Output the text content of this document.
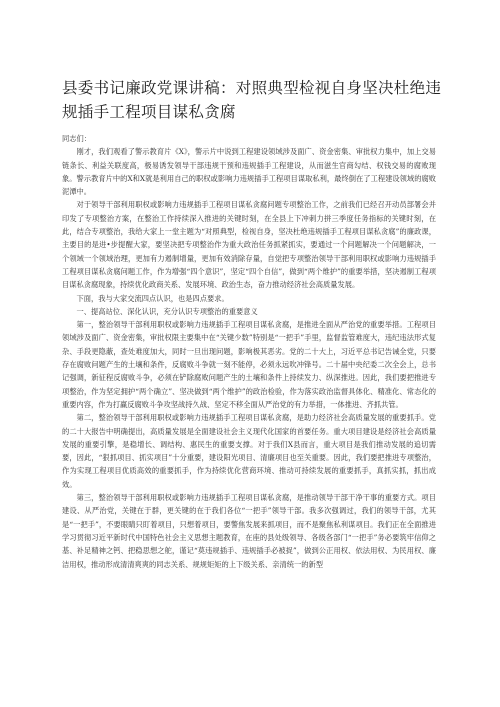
县委书记廉政党课讲稿：对照典型检视自身坚决杜绝违规插手工程项目谋私贪腐

同志们：

刚才，我们观看了警示教育片《X》，警示片中说到工程建设领域涉及面广、资金密集、审批权力集中，加上交易链条长、利益关联度高，极易诱发领导干部违规干预和违规插手工程建设，从而滋生官商勾结、权钱交易的腐败现象。警示教育片中的X和X就是利用自己的职权或影响力违规插手工程项目谋取私利，最终倒在了工程建设领域的腐败泥潭中。

对于领导干部利用职权或影响力违规插手工程项目谋私贪腐问题专项整治工作，之前我们已经召开动员部署会并印发了专项整治方案，在整治工作持续深入推进的关键时刻，在全县上下冲刺力拼三季度任务指标的关键时刻，在此，结合专项整治，我给大家上一堂主题为“对照典型，检视自身，坚决杜绝违规插手工程项目谋私贪腐”的廉政课，主要目的是进•步提醒大家，要坚决把专项整治作为重大政治任务抓紧抓实，要通过一个问题解决一个问题解决，一个领域一个领域治理，更加有力遏制增量，更加有效消除存量，自觉把专项整治领导干部利用职权或影响力违规插手工程项目谋私贪腐问题工作，作为增强“四个意识”，坚定“四个自信”，做到“两个维护”的重要举措，坚决遏制工程项目谋私贪腐现象，持续优化政商关系、发展环境、政治生态，奋力推动经济社会高质量发展。

下面，我与大家交流四点认识，也是四点要求。

一、提高站位、深化认识，充分认识专项整治的重要意义

第一，整治领导干部利用职权或影响力违规插手工程项目谋私贪腐，是推进全面从严治党的重要举措。工程项目领域涉及面广、资金密集，审批权限主要集中在“关键少数”特别是“一把手”手里，监督监管难度大，违纪违法形式复杂、手段更隐蔽，查处难度加大，同时一旦出现问题，影响极其恶劣。党的二十大上，习近平总书记告诫全党，只要存在腐败问题产生的土壤和条件，反腐败斗争就一刻不能停，必须永远吹冲锋号。二十届中央纪委二次全会上，总书记强调，新征程反腐败斗争，必须在铲除腐败问题产生的土壤和条件上持续发力、纵深推进。因此，我们要把推进专项整治，作为坚定拥护“两个确立”、坚决做到“两个维护”的政治检验，作为落实政治监督具体化、精准化、常态化的重要内容，作为打赢反腐败斗争攻坚战持久战、坚定不移全面从严治党的有力举措，一体推进、齐抓共管。

第二，整治领导干部利用职权或影响力违规插手工程项目谋私贪腐，是助力经济社会高质量发展的重要抓手。党的二十大报告中明确提出，高质量发展是全面建设社会主义现代化国家的首要任务。重大项目建设是经济社会高质量发展的重要引擎，是稳增长、调结构、惠民生的重要支撑。对于我们X县而言，重大项目是我们推动发展的追切需要，因此，“狠抓项目、抓实项目”十分重要，建设阳光项目、清廉项目也至关重要。因此，我们要把推进专项整治，作为实现工程项目优质高效的重要抓手，作为持续优化营商环境、推动可持续发展的重要抓手，真抓实抓，抓出成效。

第三，整治领导干部利用职权或影响力违规插手工程项目谋私贪腐，是推动领导干部干净干事的重要方式。项目建设、从严治党，关键在于群，更关键的在于我们各位“一把手”领导干部。我多次强调过，我们的领导干部，尤其是“一把手”，不要眼睛只盯着项目，只想着项目，要警焦发展来抓项目，而不是聚焦私利谋项目。我们正在全面推进学习贯彻习近平新时代中国特色社会主义思想主题教育，在座的县处级领导、各级各部门“一把手”务必要筑牢信仰之基、补足精神之钙、把稳思想之舵，谨记“莫违规插手、违规插手必被捉”，做到公正用权、依法用权、为民用权、廉洁用权，推动形成清清爽爽的同志关系、规规矩矩的上下级关系、亲清统一的新型
